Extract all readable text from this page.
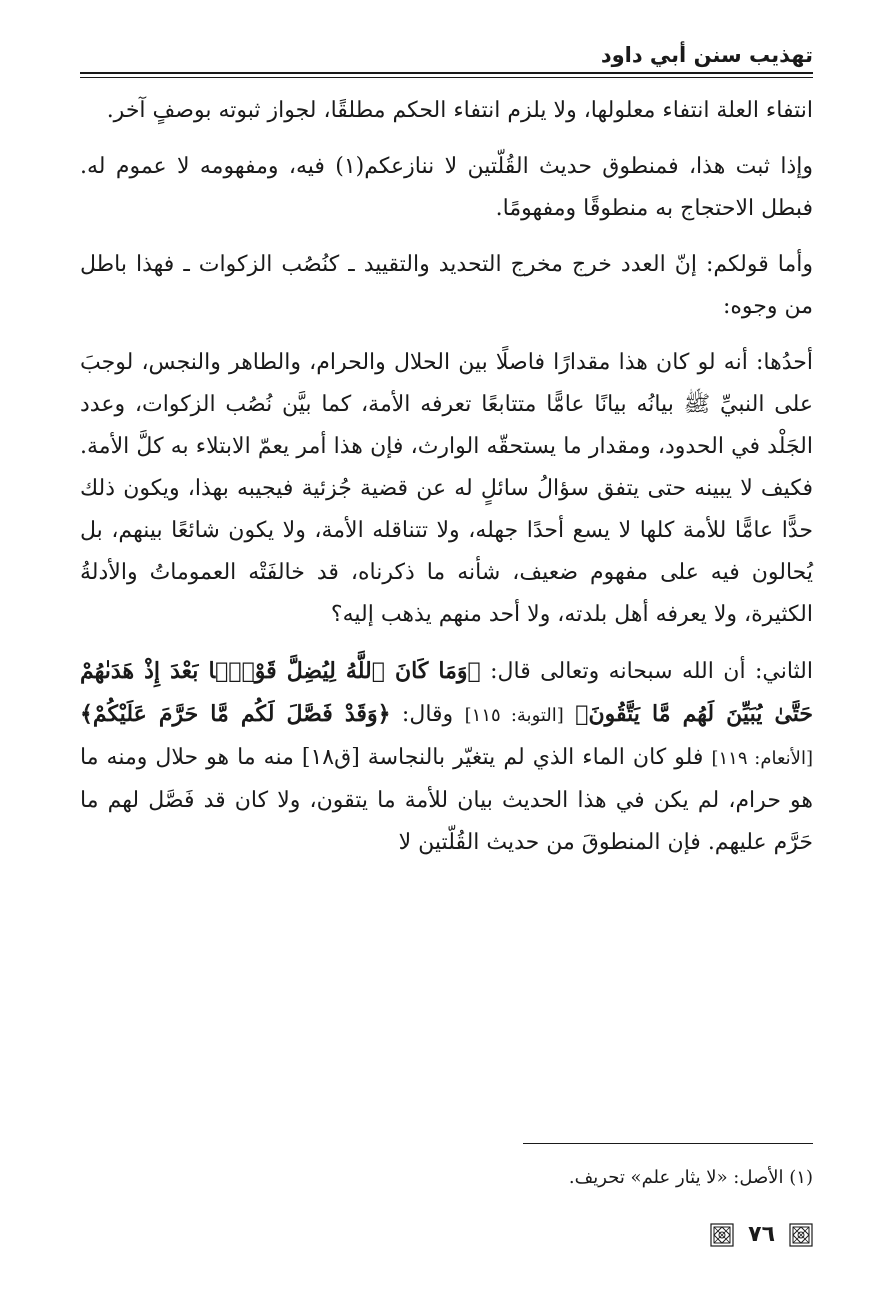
تهذيب سنن أبي داود

انتفاء العلة انتفاء معلولها، ولا يلزم انتفاء الحكم مطلقًا، لجواز ثبوته بوصفٍ آخر.

وإذا ثبت هذا، فمنطوق حديث القُلّتين لا ننازعكم(١) فيه، ومفهومه لا عموم له. فبطل الاحتجاج به منطوقًا ومفهومًا.

وأما قولكم: إنّ العدد خرج مخرج التحديد والتقييد ـ كنُصُب الزكوات ـ فهذا باطل من وجوه:

أحدُها: أنه لو كان هذا مقدارًا فاصلًا بين الحلال والحرام، والطاهر والنجس، لوجبَ على النبيِّ ﷺ بيانُه بيانًا عامًّا متتابعًا تعرفه الأمة، كما بيَّن نُصُب الزكوات، وعدد الجَلْد في الحدود، ومقدار ما يستحقّه الوارث، فإن هذا أمر يعمّ الابتلاء به كلَّ الأمة. فكيف لا يبينه حتى يتفق سؤالُ سائلٍ له عن قضية جُزئية فيجيبه بهذا، ويكون ذلك حدًّا عامًّا للأمة كلها لا يسع أحدًا جهله، ولا تتناقله الأمة، ولا يكون شائعًا بينهم، بل يُحالون فيه على مفهوم ضعيف، شأنه ما ذكرناه، قد خالفَتْه العموماتُ والأدلةُ الكثيرة، ولا يعرفه أهل بلدته، ولا أحد منهم يذهب إليه؟

الثاني: أن الله سبحانه وتعالى قال: ﴿وَمَا كَانَ ٱللَّهُ لِيُضِلَّ قَوْمًۢا بَعْدَ إِذْ هَدَىٰهُمْ حَتَّىٰ يُبَيِّنَ لَهُم مَّا يَتَّقُونَ﴾ [التوبة: ١١٥] وقال: ﴿وَقَدْ فَصَّلَ لَكُم مَّا حَرَّمَ عَلَيْكُمْ﴾ [الأنعام: ١١٩] فلو كان الماء الذي لم يتغيّر بالنجاسة [ق١٨] منه ما هو حلال ومنه ما هو حرام، لم يكن في هذا الحديث بيان للأمة ما يتقون، ولا كان قد فَصَّل لهم ما حَرَّم عليهم. فإن المنطوقَ من حديث القُلّتين لا

(١) الأصل: «لا يثار علم» تحريف.
٧٦
